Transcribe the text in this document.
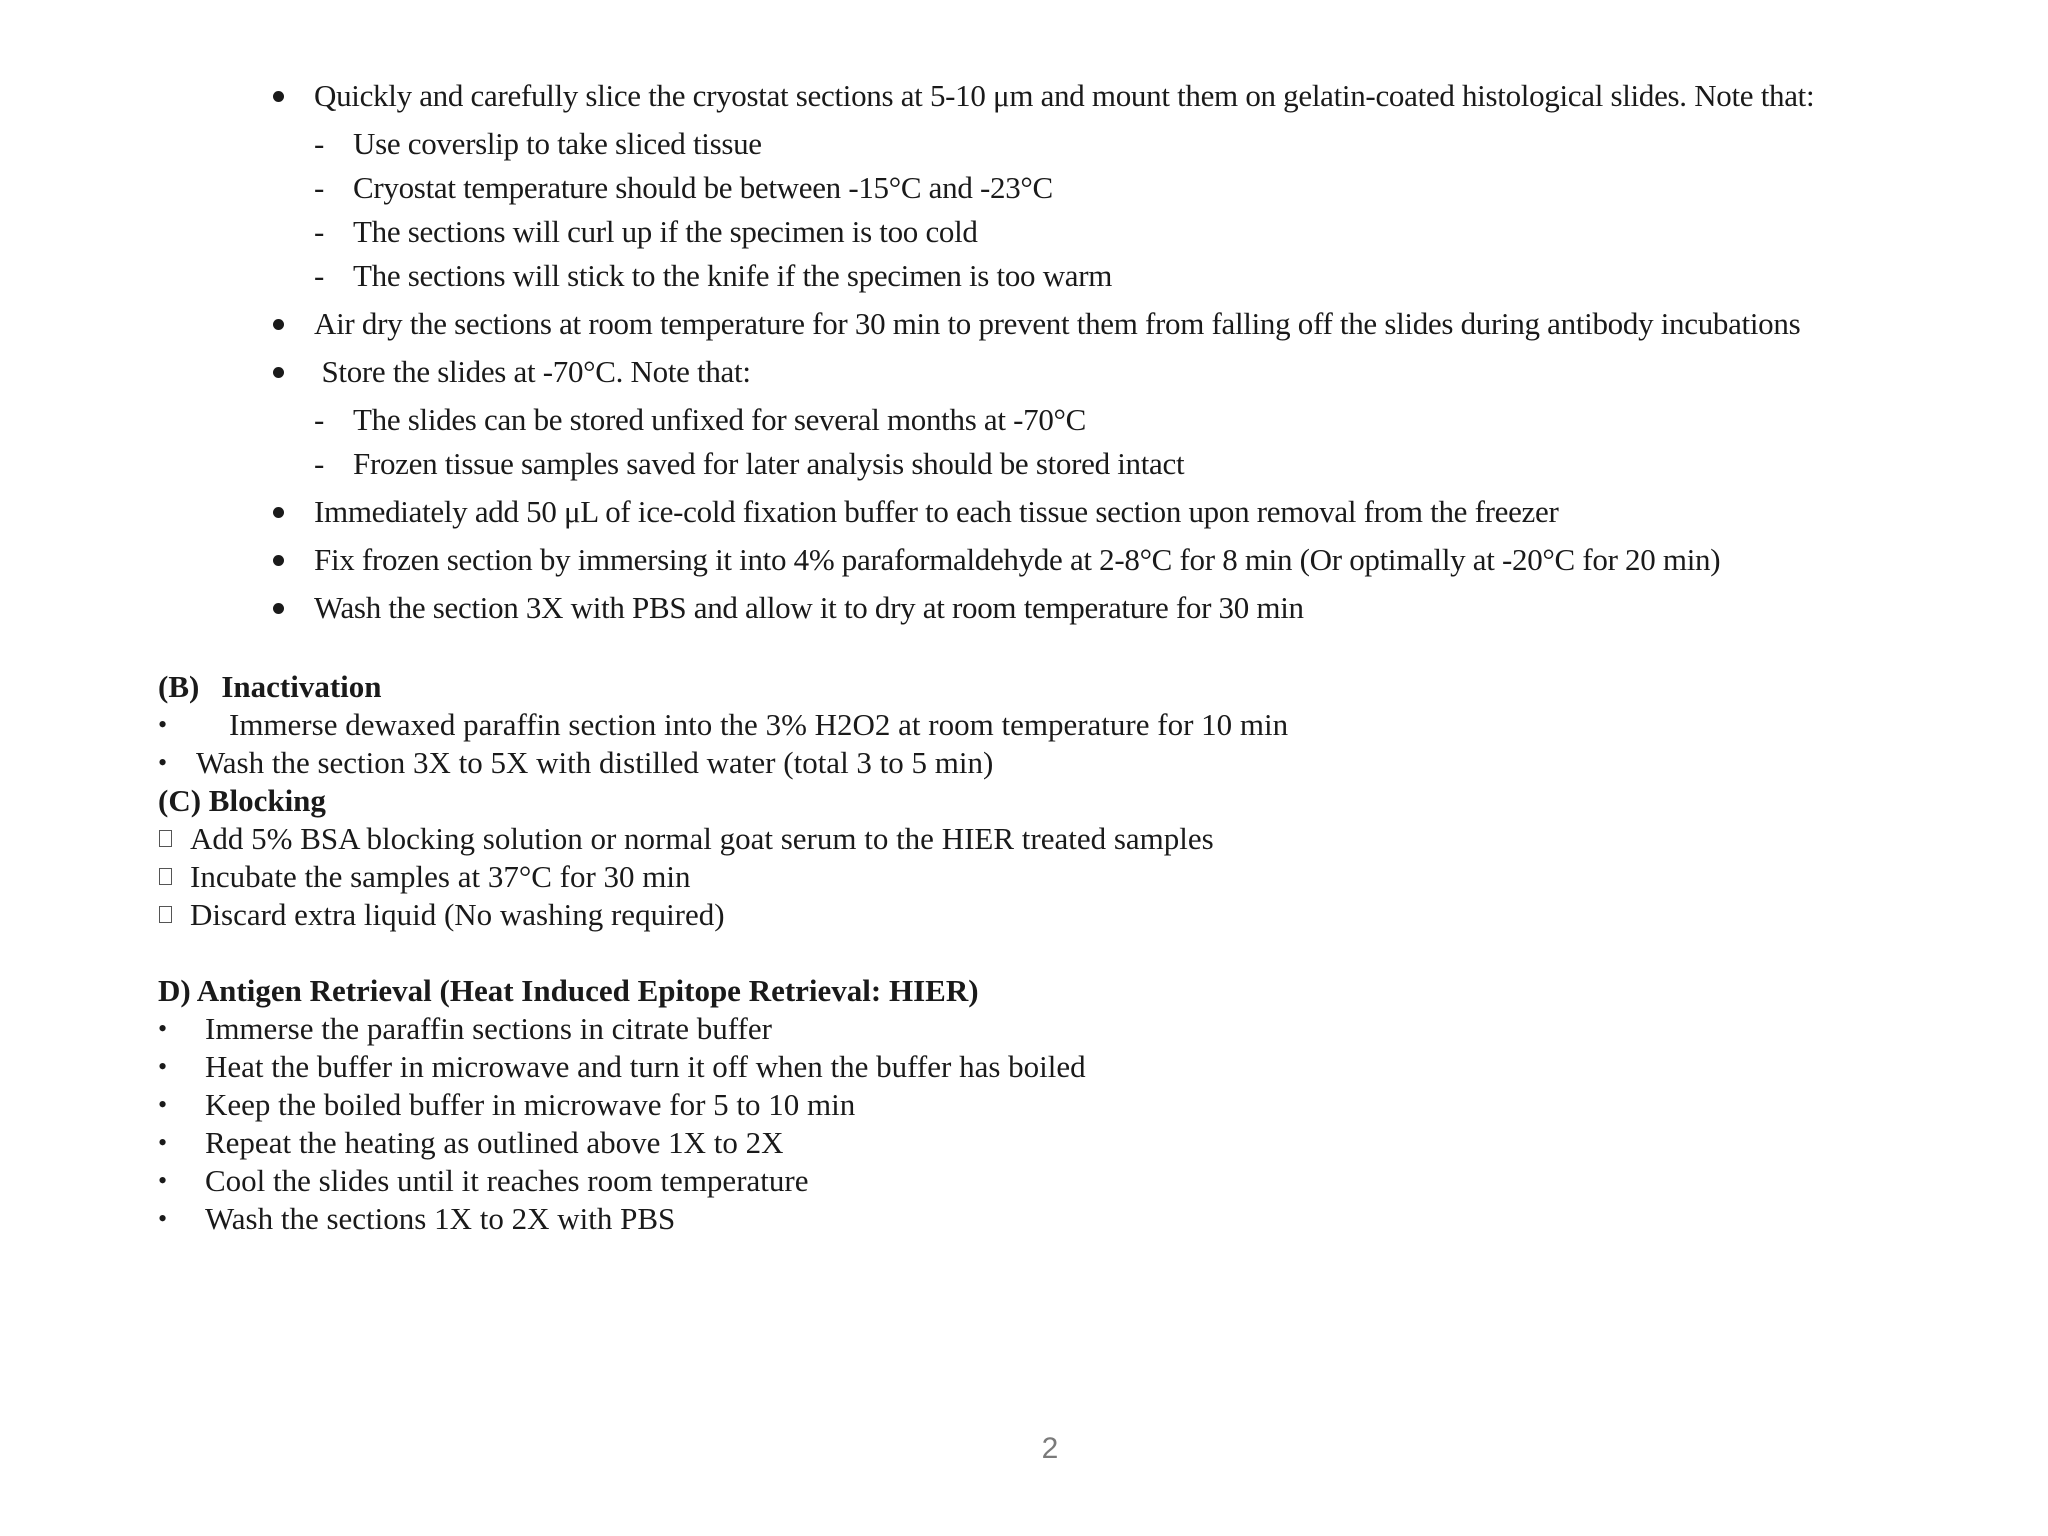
Quickly and carefully slice the cryostat sections at 5-10 μm and mount them on gelatin-coated histological slides. Note that:
- Use coverslip to take sliced tissue
- Cryostat temperature should be between -15°C and -23°C
- The sections will curl up if the specimen is too cold
- The sections will stick to the knife if the specimen is too warm
Air dry the sections at room temperature for 30 min to prevent them from falling off the slides during antibody incubations
Store the slides at -70°C. Note that:
- The slides can be stored unfixed for several months at -70°C
- Frozen tissue samples saved for later analysis should be stored intact
Immediately add 50 μL of ice-cold fixation buffer to each tissue section upon removal from the freezer
Fix frozen section by immersing it into 4% paraformaldehyde at 2-8°C for 8 min (Or optimally at -20°C for 20 min)
Wash the section 3X with PBS and allow it to dry at room temperature for 30 min
(B) Inactivation
• Immerse dewaxed paraffin section into the 3% H2O2 at room temperature for 10 min
• Wash the section 3X to 5X with distilled water (total 3 to 5 min)
(C) Blocking
Add 5% BSA blocking solution or normal goat serum to the HIER treated samples
Incubate the samples at 37°C for 30 min
Discard extra liquid (No washing required)
D) Antigen Retrieval (Heat Induced Epitope Retrieval: HIER)
• Immerse the paraffin sections in citrate buffer
• Heat the buffer in microwave and turn it off when the buffer has boiled
• Keep the boiled buffer in microwave for 5 to 10 min
• Repeat the heating as outlined above 1X to 2X
• Cool the slides until it reaches room temperature
• Wash the sections 1X to 2X with PBS
2
